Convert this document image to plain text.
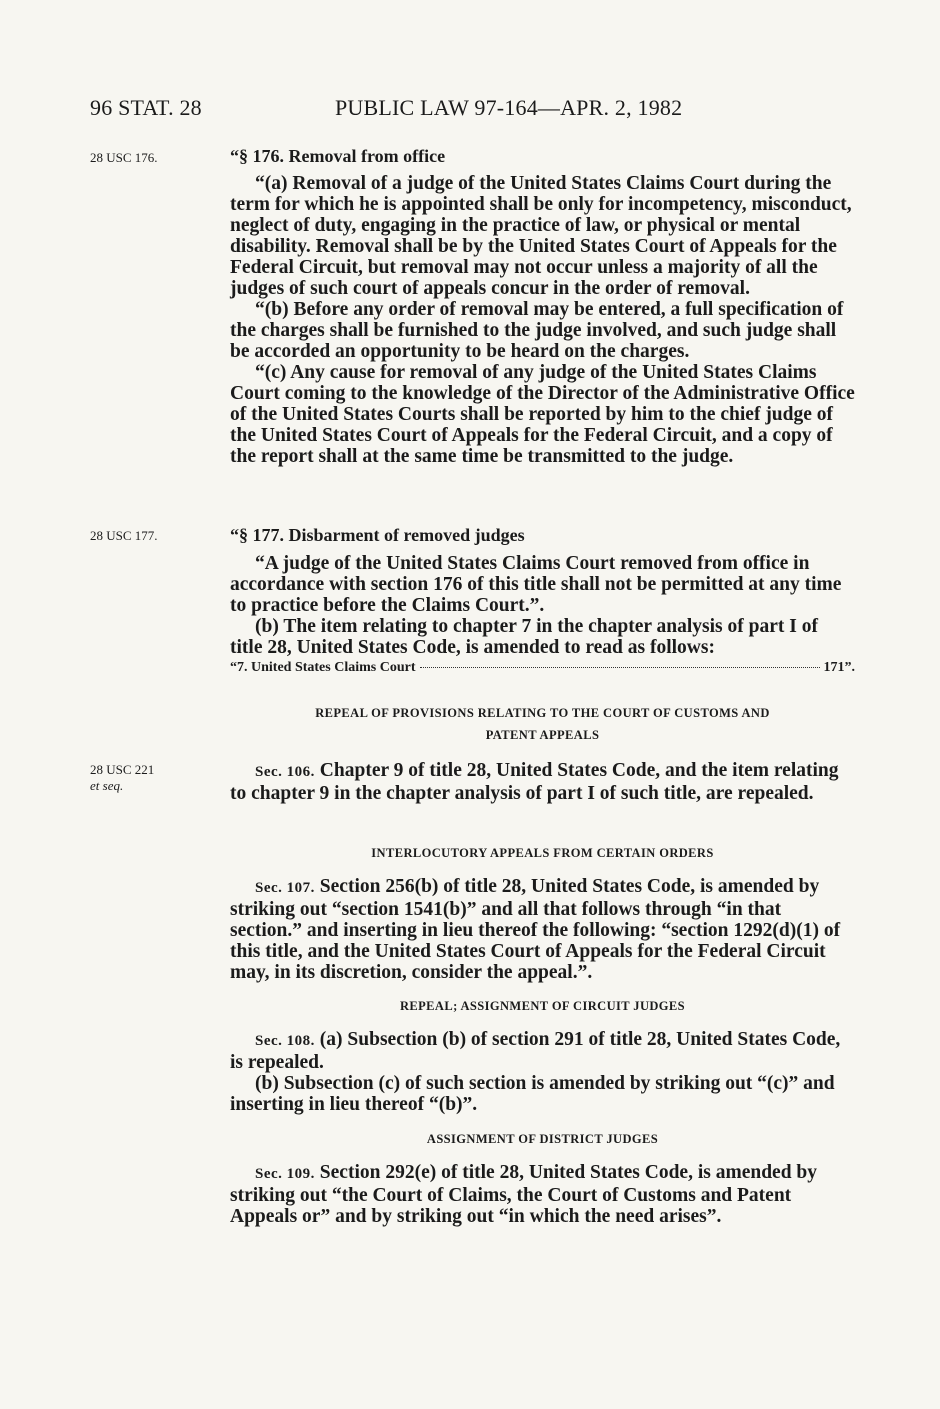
96 STAT. 28	PUBLIC LAW 97-164—APR. 2, 1982
28 USC 176.	“§ 176. Removal from office

“(a) Removal of a judge of the United States Claims Court during the term for which he is appointed shall be only for incompetency, misconduct, neglect of duty, engaging in the practice of law, or physical or mental disability. Removal shall be by the United States Court of Appeals for the Federal Circuit, but removal may not occur unless a majority of all the judges of such court of appeals concur in the order of removal.

“(b) Before any order of removal may be entered, a full specification of the charges shall be furnished to the judge involved, and such judge shall be accorded an opportunity to be heard on the charges.

“(c) Any cause for removal of any judge of the United States Claims Court coming to the knowledge of the Director of the Administrative Office of the United States Courts shall be reported by him to the chief judge of the United States Court of Appeals for the Federal Circuit, and a copy of the report shall at the same time be transmitted to the judge.

28 USC 177.	“§ 177. Disbarment of removed judges

“A judge of the United States Claims Court removed from office in accordance with section 176 of this title shall not be permitted at any time to practice before the Claims Court.”.

(b) The item relating to chapter 7 in the chapter analysis of part I of title 28, United States Code, is amended to read as follows:

“7. United States Claims Court	171”.
REPEAL OF PROVISIONS RELATING TO THE COURT OF CUSTOMS AND
PATENT APPEALS
28 USC 221
et seq.

Sec. 106. Chapter 9 of title 28, United States Code, and the item relating to chapter 9 in the chapter analysis of part I of such title, are repealed.

INTERLOCUTORY APPEALS FROM CERTAIN ORDERS

Sec. 107. Section 256(b) of title 28, United States Code, is amended by striking out “section 1541(b)” and all that follows through “in that section.” and inserting in lieu thereof the following: “section 1292(d)(1) of this title, and the United States Court of Appeals for the Federal Circuit may, in its discretion, consider the appeal.”.

REPEAL; ASSIGNMENT OF CIRCUIT JUDGES

Sec. 108. (a) Subsection (b) of section 291 of title 28, United States Code, is repealed.

(b) Subsection (c) of such section is amended by striking out “(c)” and inserting in lieu thereof “(b)”.

ASSIGNMENT OF DISTRICT JUDGES

Sec. 109. Section 292(e) of title 28, United States Code, is amended by striking out “the Court of Claims, the Court of Customs and Patent Appeals or” and by striking out “in which the need arises”.
